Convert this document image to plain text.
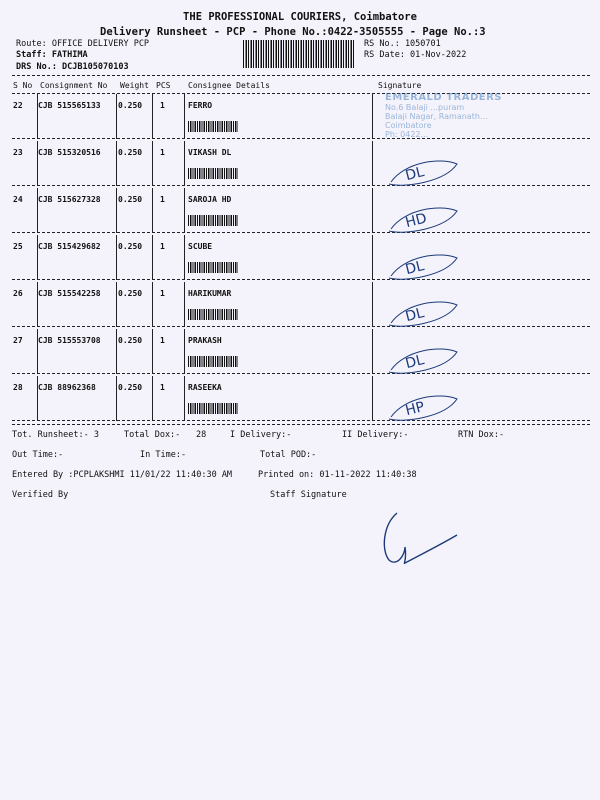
THE PROFESSIONAL COURIERS, Coimbatore
Delivery Runsheet - PCP - Phone No.:0422-3505555 - Page No.:3
Route: OFFICE DELIVERY PCP
Staff: FATHIMA
DRS No.: DCJB105070103
RS No.: 1050701
RS Date: 01-Nov-2022
S No Consignment No Weight PCS Consignee Details	Signature
22 CJB 515565133 0.250 1	FERRO
23 CJB 515320516 0.250 1	VIKASH DL
DL
24 CJB 515627328 0.250 1	SAROJA HD
HD
25 CJB 515429682 0.250 1	SCUBE
DL
26 CJB 515542258 0.250 1	HARIKUMAR
DL
27 CJB 515553708 0.250 1	PRAKASH
DL
28 CJB 88962368	0.250 1	RASEEKA
HP
Tot. Runsheet:- 3	Total Dox:- 28	I Delivery:-	II Delivery:-	RTN Dox:-
Out Time:-	In Time:-	Total POD:-
Entered By :PCPLAKSHMI 11/01/22 11:40:30 AM	Printed on: 01-11-2022 11:40:38
Verified By	Staff Signature
EMERALD TRADERS
No.6 Balaji ...puram
Balaji Nagar, Ramanath...
Coimbatore
Ph: 0422...
